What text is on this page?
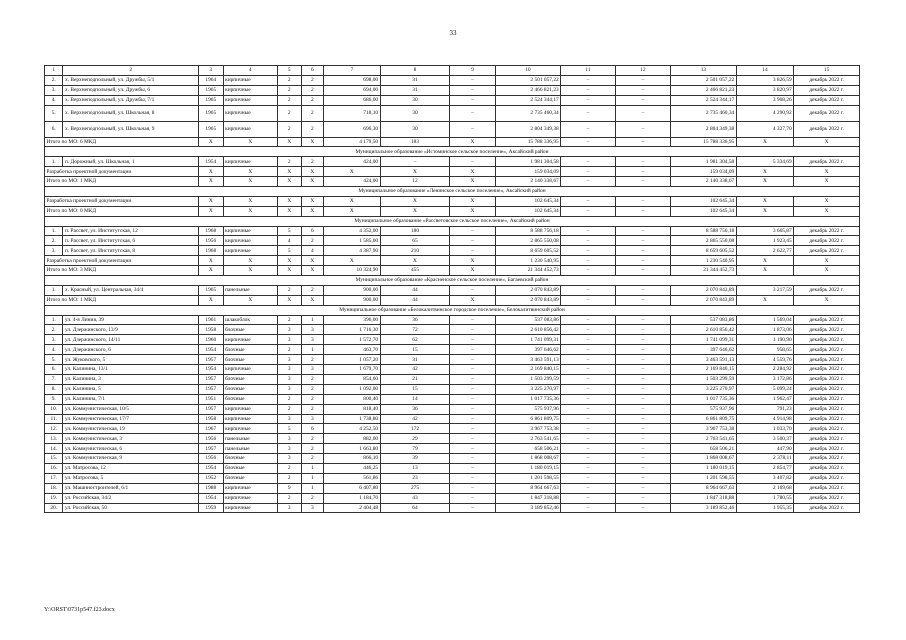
33
1	2	3	4	5	6	7	8	9	10	11	12	13	14	15
2.	х. Верхнеподпольный, ул. Дружбы, 5/1	1964	кирпичные	2	2	698,00	31	–	2 501 057,22	–	–	2 501 057,22	3 826,59	декабрь 2022 г.
3.	х. Верхнеподпольный, ул. Дружбы, 6	1965	кирпичные	2	2	694,00	31	–	2 466 821,23	–	–	2 466 821,23	3 820,97	декабрь 2022 г.
4.	х. Верхнеподпольный, ул. Дружбы, 7/1	1965	кирпичные	2	2	686,00	30	–	2 524 344,17	–	–	2 524 344,17	3 908,26	декабрь 2022 г.
5.	х. Верхнеподпольный, ул. Школьная, 8	1965	кирпичные	2	2	718,10	30	–	2 735 460,34	–	–	2 735 460,34	4 290,92	декабрь 2022 г.
6.	х. Верхнеподпольный, ул. Школьная, 9	1965	кирпичные	2	2	696,30	30	–	2 804 349,38	–	–	2 804 349,38	4 327,70	декабрь 2022 г.
Итого по МО: 6 МКД		X	X	X	X	4 179,50	183	X	15 788 336,95	–	–	15 788 336,95	X	X
Муниципальное образование «Истоминское сельское поселение», Аксайский район														
1.	п. Дорожный, ул. Школьная, 1	1954	кирпичные	2	2	424,00	–	–	1 981 304,58	–	–	1 981 304,58	5 334,69	декабрь 2022 г.
Разработка проектной документации		X	X	X	X	X	X	X	159 034,09	–	–	159 034,09	X	X
Итого по МО: 1 МКД		X	X	X	X	424,00	12	X	2 140 338,67	–	–	2 140 338,67	X	X
Муниципальное образование «Ленинское сельское поселение», Аксайский район														
Разработка проектной документации		X	X	X	X	X	X	X	102 645,34	–	–	102 645,34	X	X
Итого по МО: 0 МКД		X	X	X	X	X	X	X	102 645,34	–	–	102 645,34	X	X
Муниципальное образование «Рассветовское сельское поселение», Аксайский район														
1.	п. Рассвет, ул. Институтская, 12	1968	кирпичные	5	6	4 352,00	180	–	8 588 756,18	–	–	8 588 756,18	3 665,87	декабрь 2022 г.
2.	п. Рассвет, ул. Институтская, 6	1956	кирпичные	4	2	1 585,00	65	–	2 865 550,08	–	–	2 865 550,08	1 923,45	декабрь 2022 г.
3.	п. Рассвет, ул. Институтская, 8	1968	кирпичные	5	4	4 387,90	210	–	8 659 605,52	–	–	8 659 605,52	2 622,77	декабрь 2022 г.
Разработка проектной документации		X	X	X	X	X	X	X	1 230 540,95	–	–	1 230 540,95	X	X
Итого по МО: 3 МКД		X	X	X	X	10 324,90	455	X	21 344 452,73	–	–	21 344 452,73	X	X
Муниципальное образование «Красненское сельское поселение», Багаевский район														
1.	х. Красный, ул. Центральная, 34/4	1965	панельные	2	2	900,00	44	–	2 070 843,89	–	–	2 070 843,89	3 217,59	декабрь 2022 г.
Итого по МО: 1 МКД		X	X	X	X	900,00	44	X	2 070 843,89	–	–	2 070 843,89	X	X
Муниципальное образование «Белокалитвинское городское поселение», Белокалитвинский район														
1.	ул. 4-я Линия, 39	1961	шлакоблок	2	1	396,00	36	–	537 083,86	–	–	537 083,86	1 569,04	декабрь 2022 г.
2.	ул. Дзержинского, 13/9	1958	блочные	3	3	1 716,30	72	–	2 610 856,42	–	–	2 610 856,42	1 873,06	декабрь 2022 г.
3.	ул. Дзержинского, 14/11	1960	кирпичные	3	3	1 572,70	62	–	1 741 099,31	–	–	1 741 099,31	1 190,90	декабрь 2022 г.
4.	ул. Дзержинского, 6	1954	блочные	2	1	463,70	15	–	397 646,62	–	–	397 646,62	958,65	декабрь 2022 г.
5.	ул. Жуковского, 5	1957	блочные	3	2	1 057,20	31	–	3 463 591,13	–	–	3 463 591,13	4 559,76	декабрь 2022 г.
6.	ул. Калинина, 13/1	1954	кирпичные	3	3	1 679,70	42	–	2 169 840,15	–	–	2 169 840,15	2 284,92	декабрь 2022 г.
7.	ул. Калинина, 3	1957	блочные	3	2	854,60	21	–	1 503 299,59	–	–	1 503 299,59	3 172,86	декабрь 2022 г.
8.	ул. Калинина, 5	1957	блочные	3	2	1 092,00	15	–	3 225 270,97	–	–	3 225 270,97	5 099,24	декабрь 2022 г.
9.	ул. Калинина, 7/1	1951	блочные	2	2	800,40	14	–	1 017 735,36	–	–	1 017 735,36	1 962,47	декабрь 2022 г.
10.	ул. Коммунистическая, 10/5	1957	кирпичные	2	2	818,40	36	–	575 937,96	–	–	575 937,96	791,23	декабрь 2022 г.
11.	ул. Коммунистическая, 17/7	1958	кирпичные	3	3	1 738,80	42	–	6 861 809,75	–	–	6 861 809,75	4 914,98	декабрь 2022 г.
12.	ул. Коммунистическая, 19	1967	кирпичные	5	6	4 252,50	172	–	3 967 753,38	–	–	3 967 753,38	1 033,70	декабрь 2022 г.
13.	ул. Коммунистическая, 3	1956	панельные	3	2	882,00	29	–	2 763 541,65	–	–	2 763 541,65	3 500,37	декабрь 2022 г.
14.	ул. Коммунистическая, 6	1957	панельные	3	2	1 663,80	79	–	658 506,21	–	–	658 506,21	447,90	декабрь 2022 г.
15.	ул. Коммунистическая, 9	1956	блочные	3	2	866,10	39	–	1 868 008,67	–	–	1 868 008,67	2 378,11	декабрь 2022 г.
16.	ул. Матросова, 12	1954	блочные	2	1	446,25	13	–	1 180 019,15	–	–	1 180 019,15	2 854,77	декабрь 2022 г.
17.	ул. Матросова, 5	1952	блочные	2	1	561,86	23	–	1 201 598,55	–	–	1 201 598,55	3 407,82	декабрь 2022 г.
18.	ул. Машиностроителей, 6/1	1988	кирпичные	9	1	6 407,80	275	–	8 964 667,63	–	–	8 964 667,63	2 169,68	декабрь 2022 г.
19.	ул. Российская, 34/2	1954	кирпичные	2	2	1 184,70	43	–	1 847 318,88	–	–	1 847 318,88	1 780,55	декабрь 2022 г.
20.	ул. Российская, 50	1959	кирпичные	3	3	2 404,48	64	–	3 189 852,46	–	–	3 189 852,46	1 955,35	декабрь 2022 г.
Y:\ORST\0731p547.f23.docx
